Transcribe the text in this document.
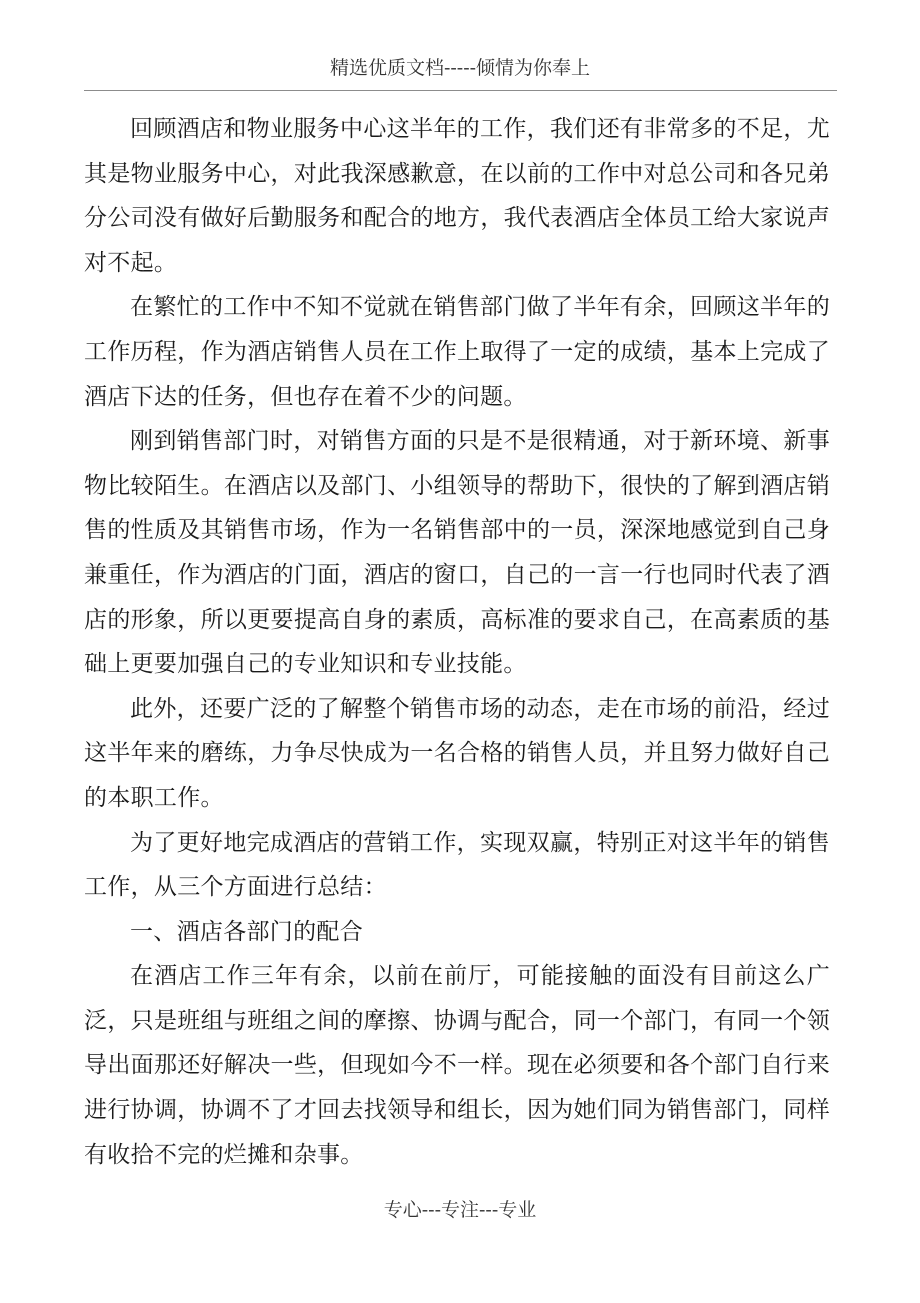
精选优质文档-----倾情为你奉上

回顾酒店和物业服务中心这半年的工作，我们还有非常多的不足，尤其是物业服务中心，对此我深感歉意，在以前的工作中对总公司和各兄弟分公司没有做好后勤服务和配合的地方，我代表酒店全体员工给大家说声对不起。

在繁忙的工作中不知不觉就在销售部门做了半年有余，回顾这半年的工作历程，作为酒店销售人员在工作上取得了一定的成绩，基本上完成了酒店下达的任务，但也存在着不少的问题。

刚到销售部门时，对销售方面的只是不是很精通，对于新环境、新事物比较陌生。在酒店以及部门、小组领导的帮助下，很快的了解到酒店销售的性质及其销售市场，作为一名销售部中的一员，深深地感觉到自己身兼重任，作为酒店的门面，酒店的窗口，自己的一言一行也同时代表了酒店的形象，所以更要提高自身的素质，高标准的要求自己，在高素质的基础上更要加强自己的专业知识和专业技能。

此外，还要广泛的了解整个销售市场的动态，走在市场的前沿，经过这半年来的磨练，力争尽快成为一名合格的销售人员，并且努力做好自己的本职工作。

为了更好地完成酒店的营销工作，实现双赢，特别正对这半年的销售工作，从三个方面进行总结：

一、酒店各部门的配合

在酒店工作三年有余，以前在前厅，可能接触的面没有目前这么广泛，只是班组与班组之间的摩擦、协调与配合，同一个部门，有同一个领导出面那还好解决一些，但现如今不一样。现在必须要和各个部门自行来进行协调，协调不了才回去找领导和组长，因为她们同为销售部门，同样有收拾不完的烂摊和杂事。

专心---专注---专业
